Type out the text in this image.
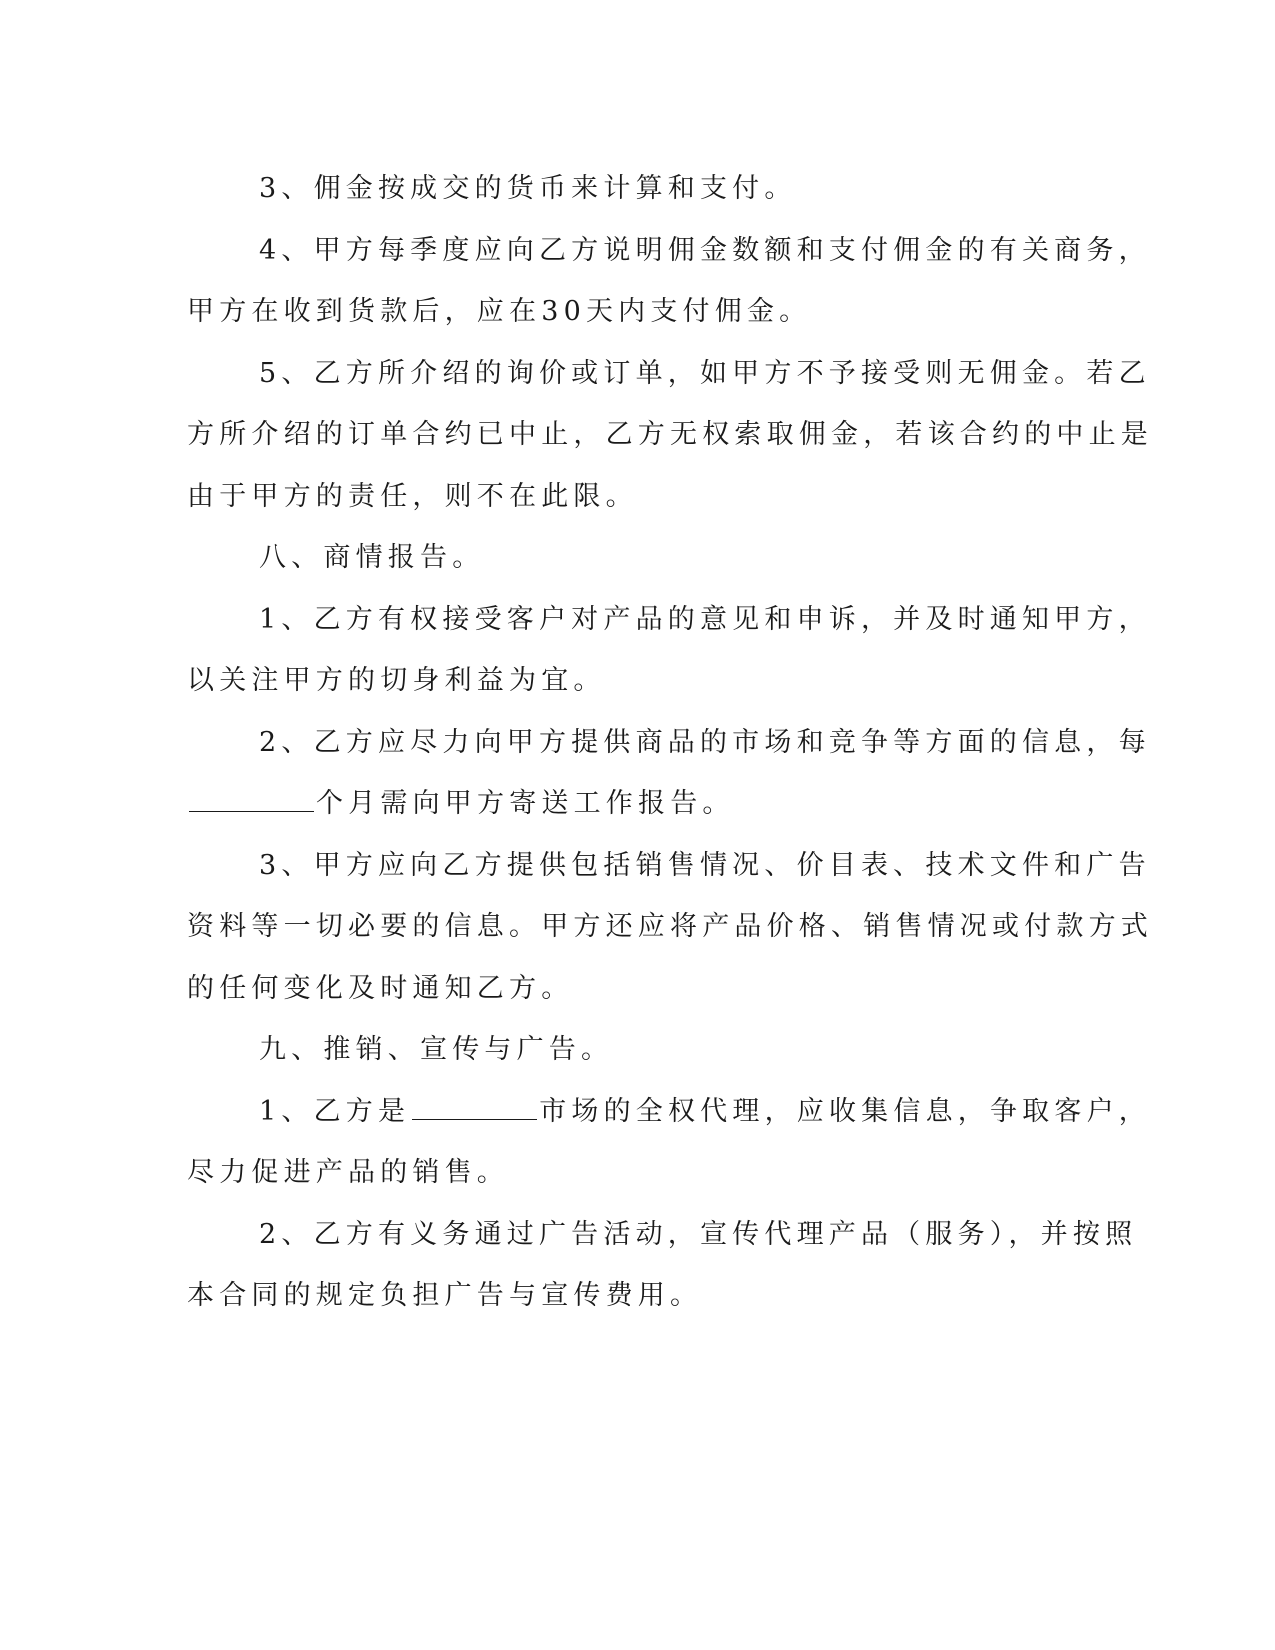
3、佣金按成交的货币来计算和支付。

4、甲方每季度应向乙方说明佣金数额和支付佣金的有关商务，
甲方在收到货款后，应在30天内支付佣金。

5、乙方所介绍的询价或订单，如甲方不予接受则无佣金。若乙
方所介绍的订单合约已中止，乙方无权索取佣金，若该合约的中止是
由于甲方的责任，则不在此限。

八、商情报告。

1、乙方有权接受客户对产品的意见和申诉，并及时通知甲方，
以关注甲方的切身利益为宜。

2、乙方应尽力向甲方提供商品的市场和竞争等方面的信息，每
个月需向甲方寄送工作报告。

3、甲方应向乙方提供包括销售情况、价目表、技术文件和广告
资料等一切必要的信息。甲方还应将产品价格、销售情况或付款方式
的任何变化及时通知乙方。

九、推销、宣传与广告。

1、乙方是	市场的全权代理，应收集信息，争取客户，
尽力促进产品的销售。

2、乙方有义务通过广告活动，宣传代理产品（服务），并按照
本合同的规定负担广告与宣传费用。
